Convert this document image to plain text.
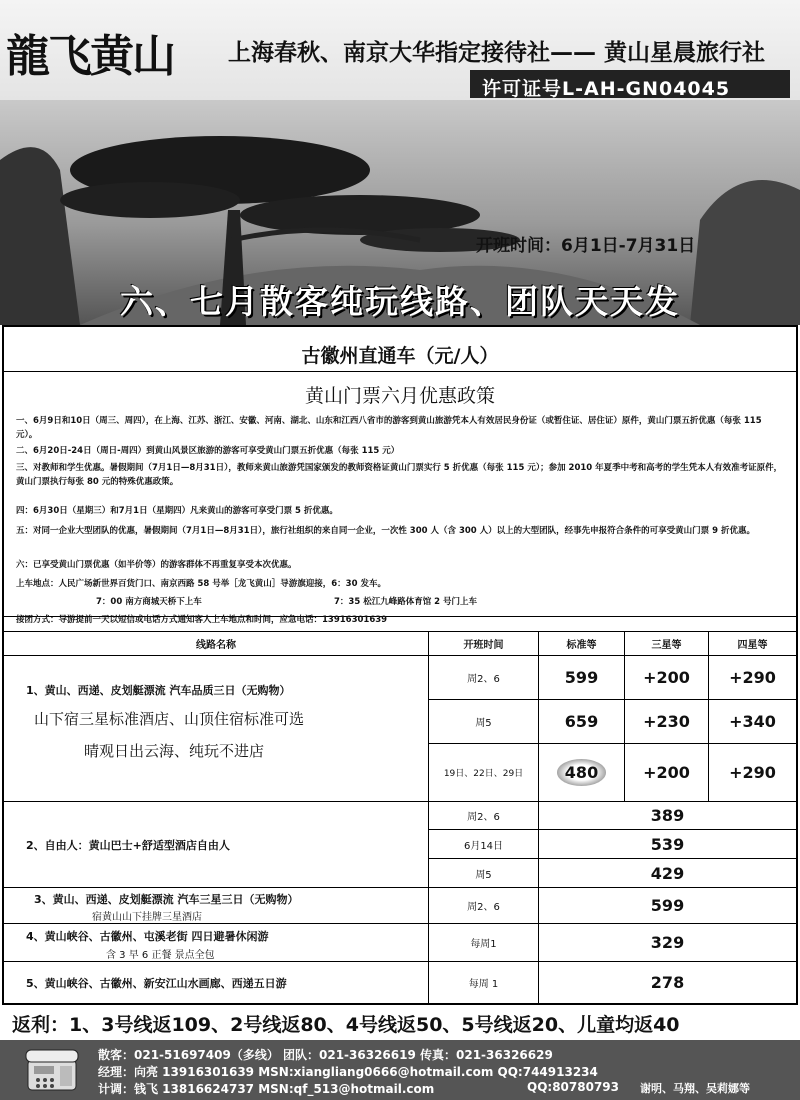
龍飞黄山 上海春秋、南京大华指定接待社—— 黄山星晨旅行社
许可证号L-AH-GN04045
开班时间：6月1日-7月31日
六、七月散客纯玩线路、团队天天发
古徽州直通车（元/人）
黄山门票六月优惠政策
一、6月9日和10日（周三、周四），在上海、江苏、浙江、安徽、河南、湖北、山东和江西八省市的游客到黄山旅游凭本人有效居民身份证（或暂住证、居住证）原件，黄山门票五折优惠（每张 115 元）。
二、6月20日-24日（周日-周四）到黄山风景区旅游的游客可享受黄山门票五折优惠（每张 115 元）
三、对教师和学生优惠。暑假期间（7月1日—8月31日），教师来黄山旅游凭国家颁发的教师资格证黄山门票实行 5 折优惠（每张 115 元）；参加 2010 年夏季中考和高考的学生凭本人有效准考证原件，黄山门票执行每张 80 元的特殊优惠政策。
四：6月30日（星期三）和7月1日（星期四）凡来黄山的游客可享受门票 5 折优惠。
五：对同一企业大型团队的优惠，暑假期间（7月1日—8月31日），旅行社组织的来自同一企业，一次性 300 人（含 300 人）以上的大型团队，经事先申报符合条件的可享受黄山门票 9 折优惠。
六：已享受黄山门票优惠（如半价等）的游客群体不再重复享受本次优惠。
上车地点：人民广场新世界百货门口、南京西路 58 号举［龙飞黄山］导游旗迎接，6：30 发车。
7：00 南方商城天桥下上车	7：35 松江九峰路体育馆 2 号门上车
接团方式：导游提前一天以短信或电话方式通知客人上车地点和时间，应急电话：13916301639
线路名称	开班时间	标准等	三星等	四星等
1、黄山、西递、皮划艇漂流 汽车品质三日（无购物）
山下宿三星标准酒店、山顶住宿标准可选
晴观日出云海、纯玩不进店
周2、6	599	+200	+290
周5	659	+230	+340
19日、22日、29日	480	+200	+290
2、自由人：黄山巴士+舒适型酒店自由人
周2、6	389
6月14日	539
周5	429
3、黄山、西递、皮划艇漂流 汽车三星三日（无购物）
宿黄山山下挂牌三星酒店
周2、6	599
4、黄山峡谷、古徽州、屯溪老街 四日避暑休闲游
含 3 早 6 正餐 景点全包
每周1	329
5、黄山峡谷、古徽州、新安江山水画廊、西递五日游	每周 1	278
返利：1、3号线返109、2号线返80、4号线返50、5号线返20、儿童均返40
散客：021-51697409（多线） 团队：021-36326619 传真：021-36326629
经理：向亮 13916301639 MSN:xiangliang0666@hotmail.com QQ:744913234
计调：钱飞 13816624737 MSN:qf_513@hotmail.com	QQ:80780793 谢明、马翔、吴莉娜等
